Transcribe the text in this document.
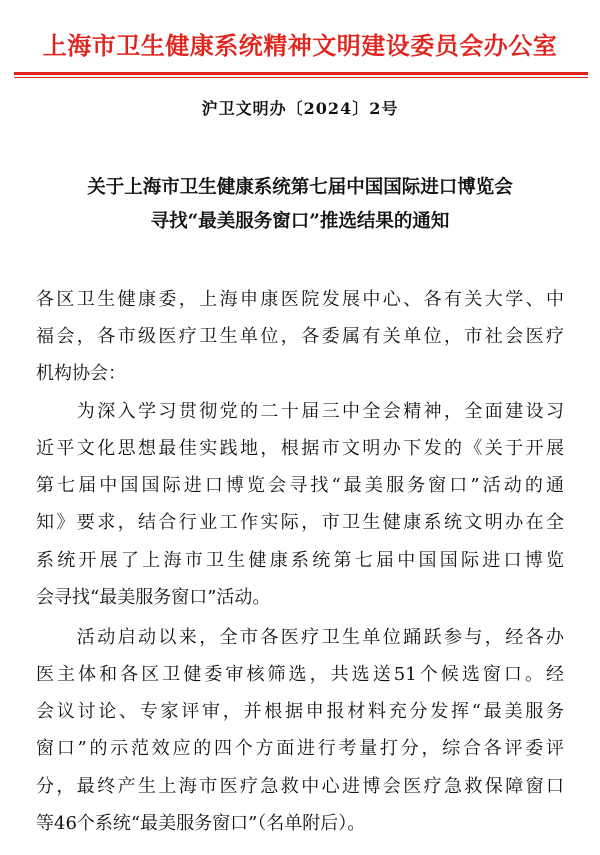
上海市卫生健康系统精神文明建设委员会办公室
沪卫文明办〔2024〕2号
关于上海市卫生健康系统第七届中国国际进口博览会
寻找“最美服务窗口”推选结果的通知
各区卫生健康委，上海申康医院发展中心、各有关大学、中
福会，各市级医疗卫生单位，各委属有关单位，市社会医疗
机构协会：
　　为深入学习贯彻党的二十届三中全会精神，全面建设习
近平文化思想最佳实践地，根据市文明办下发的《关于开展
第七届中国国际进口博览会寻找“最美服务窗口”活动的通
知》要求，结合行业工作实际，市卫生健康系统文明办在全
系统开展了上海市卫生健康系统第七届中国国际进口博览
会寻找“最美服务窗口”活动。
　　活动启动以来，全市各医疗卫生单位踊跃参与，经各办
医主体和各区卫健委审核筛选，共选送51个候选窗口。经
会议讨论、专家评审，并根据申报材料充分发挥“最美服务
窗口”的示范效应的四个方面进行考量打分，综合各评委评
分，最终产生上海市医疗急救中心进博会医疗急救保障窗口
等46个系统“最美服务窗口”（名单附后）。
